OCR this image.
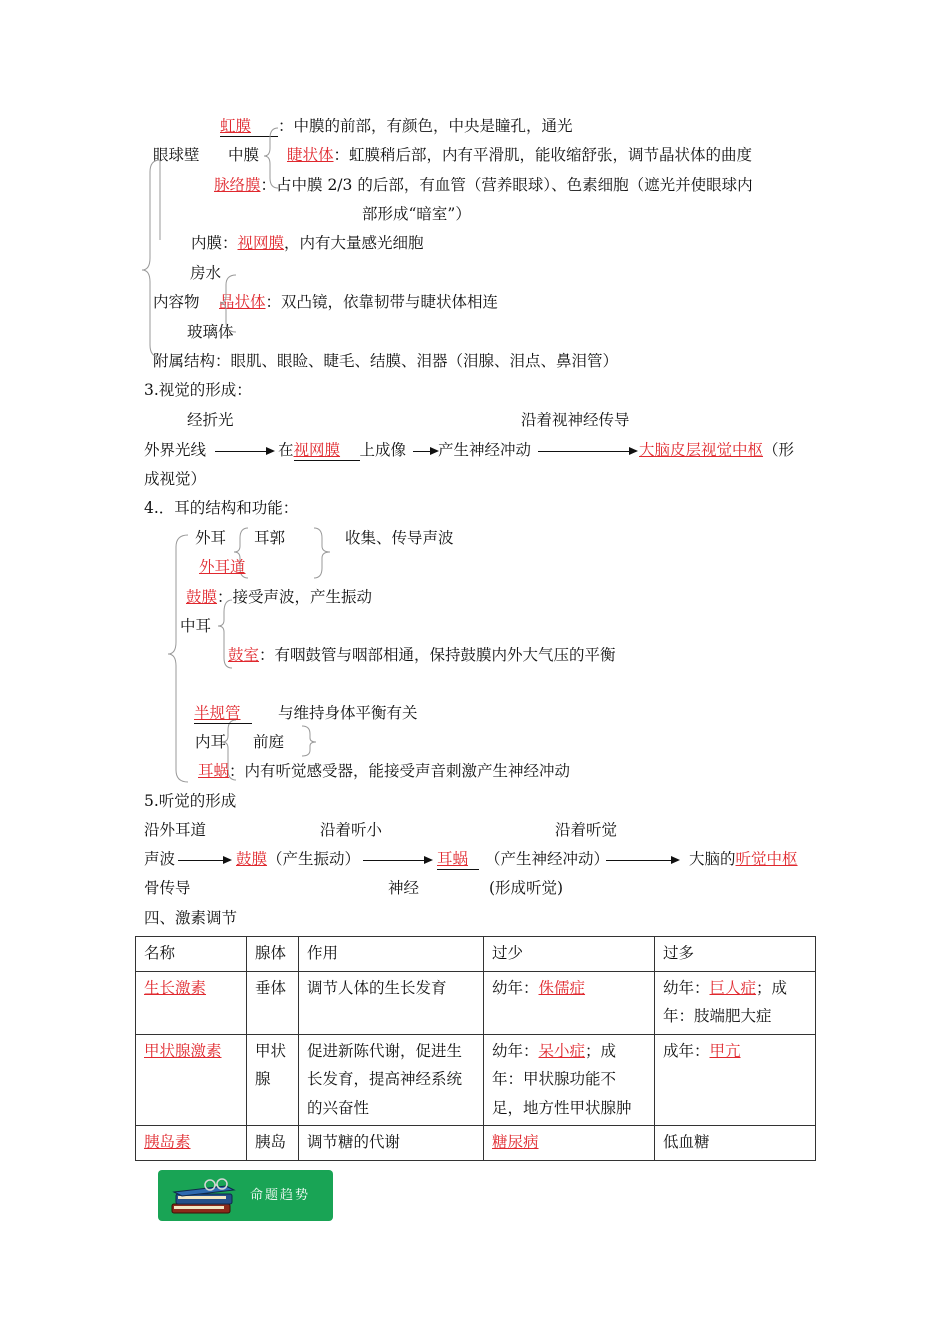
虹膜 ：中膜的前部，有颜色，中央是瞳孔，通光
眼球壁 中膜 睫状体：虹膜稍后部，内有平滑肌，能收缩舒张，调节晶状体的曲度
脉络膜：占中膜 2/3 的后部，有血管（营养眼球）、色素细胞（遮光并使眼球内
部形成“暗室”）
内膜：视网膜，内有大量感光细胞
房水
内容物 晶状体：双凸镜，依靠韧带与睫状体相连
玻璃体
附属结构：眼肌、眼睑、睫毛、结膜、泪器（泪腺、泪点、鼻泪管）
3.视觉的形成：
经折光	沿着视神经传导
外界光线	在视网膜 上成像 产生神经冲动	大脑皮层视觉中枢（形
成视觉）
4.．耳的结构和功能：
外耳 耳郭	收集、传导声波
外耳道
鼓膜：接受声波，产生振动
中耳
鼓室：有咽鼓管与咽部相通，保持鼓膜内外大气压的平衡
半规管	与维持身体平衡有关
内耳 前庭
耳蜗：内有听觉感受器，能接受声音刺激产生神经冲动
5.听觉的形成
沿外耳道	沿着听小	沿着听觉
声波	鼓膜（产生振动）	耳蜗 （产生神经冲动）	大脑的听觉中枢
骨传导	神经	(形成听觉)
四、激素调节
名称	腺体	作用	过少	过多
生长激素	垂体	调节人体的生长发育	幼年：侏儒症	幼年：巨人症；成年：肢端肥大症
甲状腺激素	甲状腺	促进新陈代谢，促进生长发育，提高神经系统的兴奋性	幼年：呆小症；成年：甲状腺功能不足，地方性甲状腺肿	成年：甲亢
胰岛素	胰岛	调节糖的代谢	糖尿病	低血糖
命题趋势
